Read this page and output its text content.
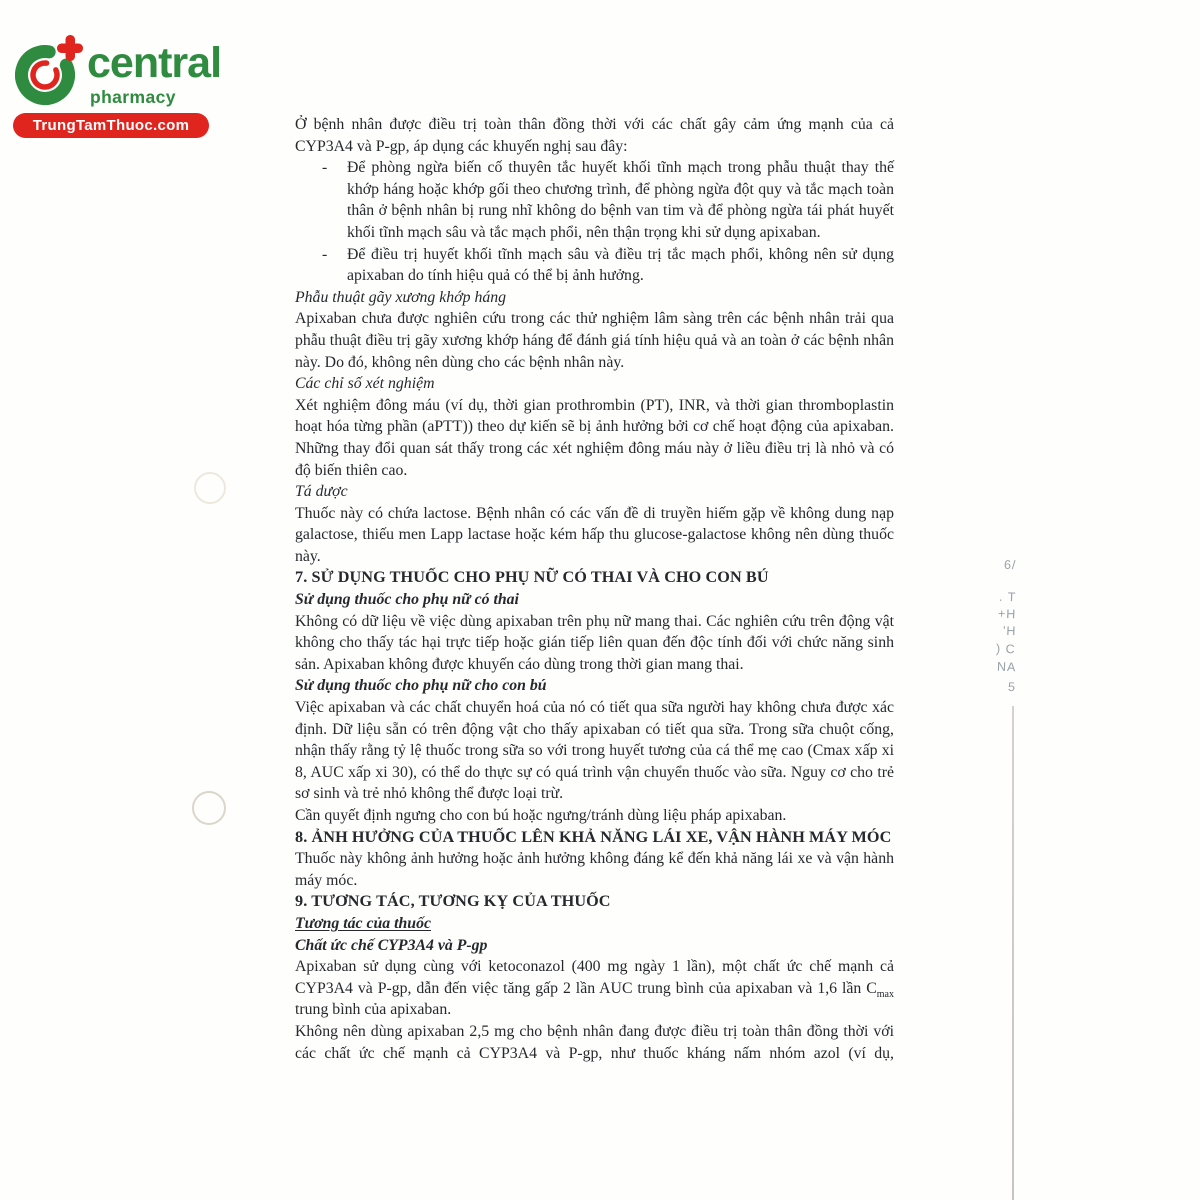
central
pharmacy
TrungTamThuoc.com	Ở bệnh nhân được điều trị toàn thân đồng thời với các chất gây cảm ứng mạnh của cả CYP3A4 và P-gp, áp dụng các khuyến nghị sau đây:
- Để phòng ngừa biến cố thuyên tắc huyết khối tĩnh mạch trong phẫu thuật thay thế khớp háng hoặc khớp gối theo chương trình, để phòng ngừa đột quy và tắc mạch toàn thân ở bệnh nhân bị rung nhĩ không do bệnh van tim và để phòng ngừa tái phát huyết khối tĩnh mạch sâu và tắc mạch phổi, nên thận trọng khi sử dụng apixaban.
- Để điều trị huyết khối tĩnh mạch sâu và điều trị tắc mạch phổi, không nên sử dụng apixaban do tính hiệu quả có thể bị ảnh hưởng.
Phẫu thuật gãy xương khớp háng
Apixaban chưa được nghiên cứu trong các thử nghiệm lâm sàng trên các bệnh nhân trải qua phẫu thuật điều trị gãy xương khớp háng để đánh giá tính hiệu quả và an toàn ở các bệnh nhân này. Do đó, không nên dùng cho các bệnh nhân này.
Các chỉ số xét nghiệm
Xét nghiệm đông máu (ví dụ, thời gian prothrombin (PT), INR, và thời gian thromboplastin hoạt hóa từng phần (aPTT)) theo dự kiến sẽ bị ảnh hưởng bởi cơ chế hoạt động của apixaban. Những thay đổi quan sát thấy trong các xét nghiệm đông máu này ở liều điều trị là nhỏ và có độ biến thiên cao.
Tá dược
Thuốc này có chứa lactose. Bệnh nhân có các vấn đề di truyền hiếm gặp về không dung nạp galactose, thiếu men Lapp lactase hoặc kém hấp thu glucose-galactose không nên dùng thuốc này.
7. SỬ DỤNG THUỐC CHO PHỤ NỮ CÓ THAI VÀ CHO CON BÚ
Sử dụng thuốc cho phụ nữ có thai
Không có dữ liệu về việc dùng apixaban trên phụ nữ mang thai. Các nghiên cứu trên động vật không cho thấy tác hại trực tiếp hoặc gián tiếp liên quan đến độc tính đối với chức năng sinh sản. Apixaban không được khuyến cáo dùng trong thời gian mang thai.
Sử dụng thuốc cho phụ nữ cho con bú
Việc apixaban và các chất chuyển hoá của nó có tiết qua sữa người hay không chưa được xác định. Dữ liệu sẵn có trên động vật cho thấy apixaban có tiết qua sữa. Trong sữa chuột cống, nhận thấy rằng tỷ lệ thuốc trong sữa so với trong huyết tương của cá thể mẹ cao (Cmax xấp xi 8, AUC xấp xi 30), có thể do thực sự có quá trình vận chuyển thuốc vào sữa. Nguy cơ cho trẻ sơ sinh và trẻ nhỏ không thể được loại trừ.
Cần quyết định ngưng cho con bú hoặc ngưng/tránh dùng liệu pháp apixaban.
8. ẢNH HƯỞNG CỦA THUỐC LÊN KHẢ NĂNG LÁI XE, VẬN HÀNH MÁY MÓC
Thuốc này không ảnh hưởng hoặc ảnh hưởng không đáng kể đến khả năng lái xe và vận hành máy móc.
9. TƯƠNG TÁC, TƯƠNG KỴ CỦA THUỐC
Tương tác của thuốc
Chất ức chế CYP3A4 và P-gp
Apixaban sử dụng cùng với ketoconazol (400 mg ngày 1 lần), một chất ức chế mạnh cả CYP3A4 và P-gp, dẫn đến việc tăng gấp 2 lần AUC trung bình của apixaban và 1,6 lần $C_{max}$ trung bình của apixaban.
Không nên dùng apixaban 2,5 mg cho bệnh nhân đang được điều trị toàn thân đồng thời với các chất ức chế mạnh cả CYP3A4 và P-gp, như thuốc kháng nấm nhóm azol (ví dụ,
6/
. T
+H
'H
) C
NA
5
